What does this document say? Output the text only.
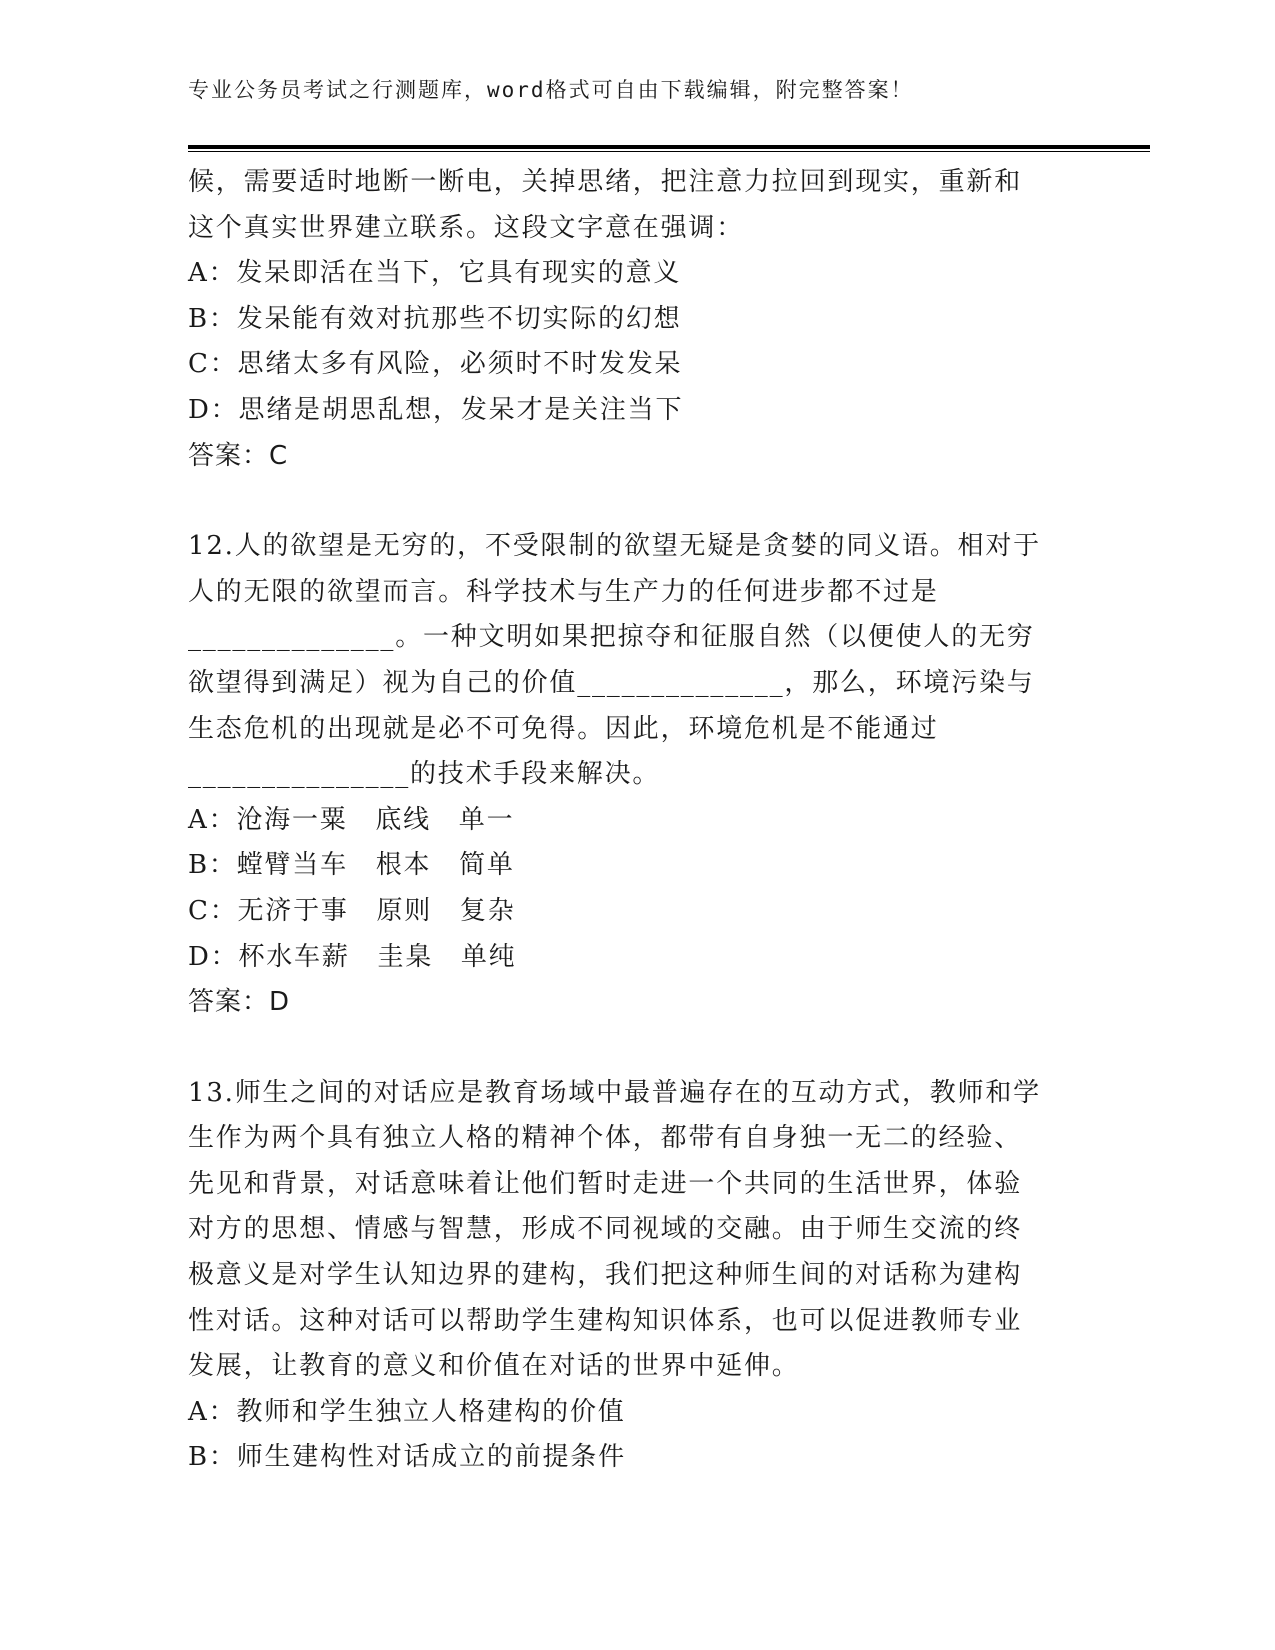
专业公务员考试之行测题库，word格式可自由下载编辑，附完整答案！
候，需要适时地断一断电，关掉思绪，把注意力拉回到现实，重新和
这个真实世界建立联系。这段文字意在强调：
A：发呆即活在当下，它具有现实的意义
B：发呆能有效对抗那些不切实际的幻想
C：思绪太多有风险，必须时不时发发呆
D：思绪是胡思乱想，发呆才是关注当下
答案：C
12.人的欲望是无穷的，不受限制的欲望无疑是贪婪的同义语。相对于
人的无限的欲望而言。科学技术与生产力的任何进步都不过是
______________。一种文明如果把掠夺和征服自然（以便使人的无穷
欲望得到满足）视为自己的价值______________，那么，环境污染与
生态危机的出现就是必不可免得。因此，环境危机是不能通过
_______________的技术手段来解决。
A：沧海一粟　底线　单一
B：螳臂当车　根本　简单
C：无济于事　原则　复杂
D：杯水车薪　圭臬　单纯
答案：D
13.师生之间的对话应是教育场域中最普遍存在的互动方式，教师和学
生作为两个具有独立人格的精神个体，都带有自身独一无二的经验、
先见和背景，对话意味着让他们暂时走进一个共同的生活世界，体验
对方的思想、情感与智慧，形成不同视域的交融。由于师生交流的终
极意义是对学生认知边界的建构，我们把这种师生间的对话称为建构
性对话。这种对话可以帮助学生建构知识体系，也可以促进教师专业
发展，让教育的意义和价值在对话的世界中延伸。
A：教师和学生独立人格建构的价值
B：师生建构性对话成立的前提条件
